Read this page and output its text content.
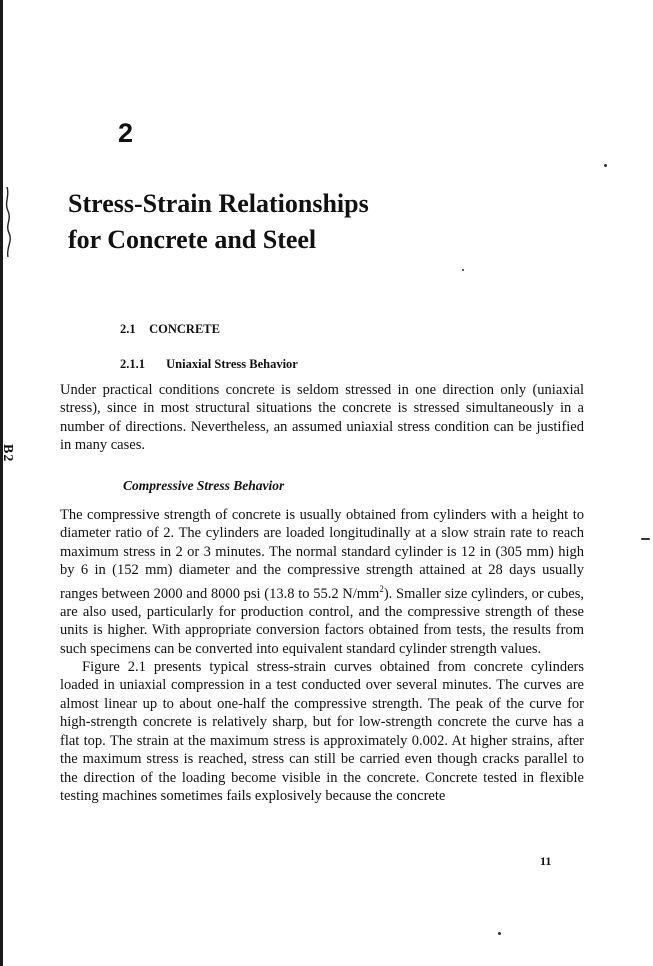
B2
2
Stress-Strain Relationships
for Concrete and Steel
2.1 CONCRETE
2.1.1 Uniaxial Stress Behavior

Under practical conditions concrete is seldom stressed in one direction only (uniaxial stress), since in most structural situations the concrete is stressed simultaneously in a number of directions. Nevertheless, an assumed uniaxial stress condition can be justified in many cases.

Compressive Stress Behavior

The compressive strength of concrete is usually obtained from cylinders with a height to diameter ratio of 2. The cylinders are loaded longitudinally at a slow strain rate to reach maximum stress in 2 or 3 minutes. The normal standard cylinder is 12 in (305 mm) high by 6 in (152 mm) diameter and the compressive strength attained at 28 days usually ranges between 2000 and 8000 psi (13.8 to 55.2 $N/mm^2$). Smaller size cylinders, or cubes, are also used, particularly for production control, and the compressive strength of these units is higher. With appropriate conversion factors obtained from tests, the results from such specimens can be converted into equivalent standard cylinder strength values.

Figure 2.1 presents typical stress-strain curves obtained from concrete cylinders loaded in uniaxial compression in a test conducted over several minutes. The curves are almost linear up to about one-half the compressive strength. The peak of the curve for high-strength concrete is relatively sharp, but for low-strength concrete the curve has a flat top. The strain at the maximum stress is approximately 0.002. At higher strains, after the maximum stress is reached, stress can still be carried even though cracks parallel to the direction of the loading become visible in the concrete. Concrete tested in flexible testing machines sometimes fails explosively because the concrete

11
